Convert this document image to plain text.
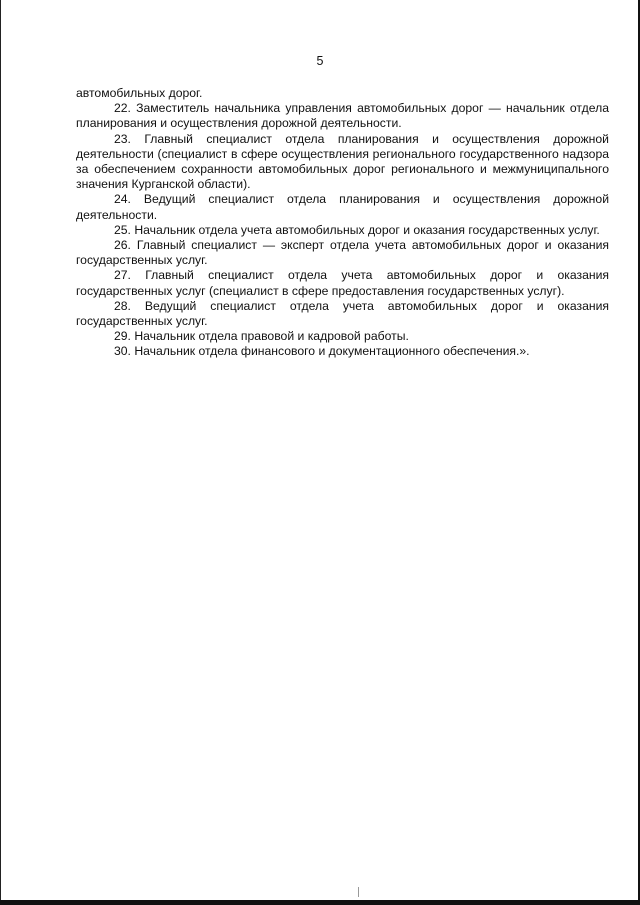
5

автомобильных дорог.

22. Заместитель начальника управления автомобильных дорог — начальник отдела планирования и осуществления дорожной деятельности.

23. Главный специалист отдела планирования и осуществления дорожной деятельности (специалист в сфере осуществления регионального государственного надзора за обеспечением сохранности автомобильных дорог регионального и межмуниципального значения Курганской области).

24. Ведущий специалист отдела планирования и осуществления дорожной деятельности.

25. Начальник отдела учета автомобильных дорог и оказания государственных услуг.

26. Главный специалист — эксперт отдела учета автомобильных дорог и оказания государственных услуг.

27. Главный специалист отдела учета автомобильных дорог и оказания государственных услуг (специалист в сфере предоставления государственных услуг).

28. Ведущий специалист отдела учета автомобильных дорог и оказания государственных услуг.

29. Начальник отдела правовой и кадровой работы.

30. Начальник отдела финансового и документационного обеспечения.».
